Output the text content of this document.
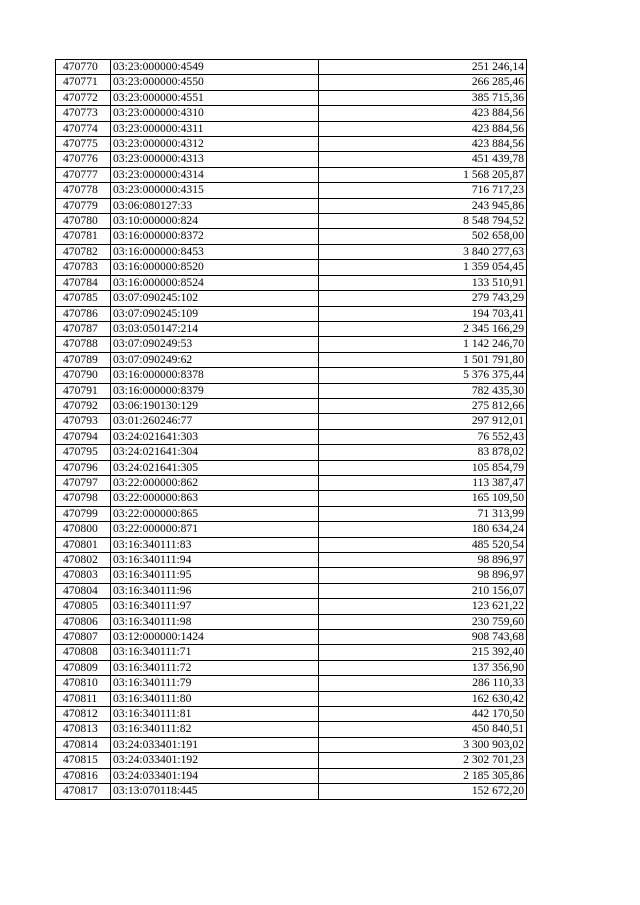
470770	03:23:000000:4549	251 246,14
470771	03:23:000000:4550	266 285,46
470772	03:23:000000:4551	385 715,36
470773	03:23:000000:4310	423 884,56
470774	03:23:000000:4311	423 884,56
470775	03:23:000000:4312	423 884,56
470776	03:23:000000:4313	451 439,78
470777	03:23:000000:4314	1 568 205,87
470778	03:23:000000:4315	716 717,23
470779	03:06:080127:33	243 945,86
470780	03:10:000000:824	8 548 794,52
470781	03:16:000000:8372	502 658,00
470782	03:16:000000:8453	3 840 277,63
470783	03:16:000000:8520	1 359 054,45
470784	03:16:000000:8524	133 510,91
470785	03:07:090245:102	279 743,29
470786	03:07:090245:109	194 703,41
470787	03:03:050147:214	2 345 166,29
470788	03:07:090249:53	1 142 246,70
470789	03:07:090249:62	1 501 791,80
470790	03:16:000000:8378	5 376 375,44
470791	03:16:000000:8379	782 435,30
470792	03:06:190130:129	275 812,66
470793	03:01:260246:77	297 912,01
470794	03:24:021641:303	76 552,43
470795	03:24:021641:304	83 878,02
470796	03:24:021641:305	105 854,79
470797	03:22:000000:862	113 387,47
470798	03:22:000000:863	165 109,50
470799	03:22:000000:865	71 313,99
470800	03:22:000000:871	180 634,24
470801	03:16:340111:83	485 520,54
470802	03:16:340111:94	98 896,97
470803	03:16:340111:95	98 896,97
470804	03:16:340111:96	210 156,07
470805	03:16:340111:97	123 621,22
470806	03:16:340111:98	230 759,60
470807	03:12:000000:1424	908 743,68
470808	03:16:340111:71	215 392,40
470809	03:16:340111:72	137 356,90
470810	03:16:340111:79	286 110,33
470811	03:16:340111:80	162 630,42
470812	03:16:340111:81	442 170,50
470813	03:16:340111:82	450 840,51
470814	03:24:033401:191	3 300 903,02
470815	03:24:033401:192	2 302 701,23
470816	03:24:033401:194	2 185 305,86
470817	03:13:070118:445	152 672,20
